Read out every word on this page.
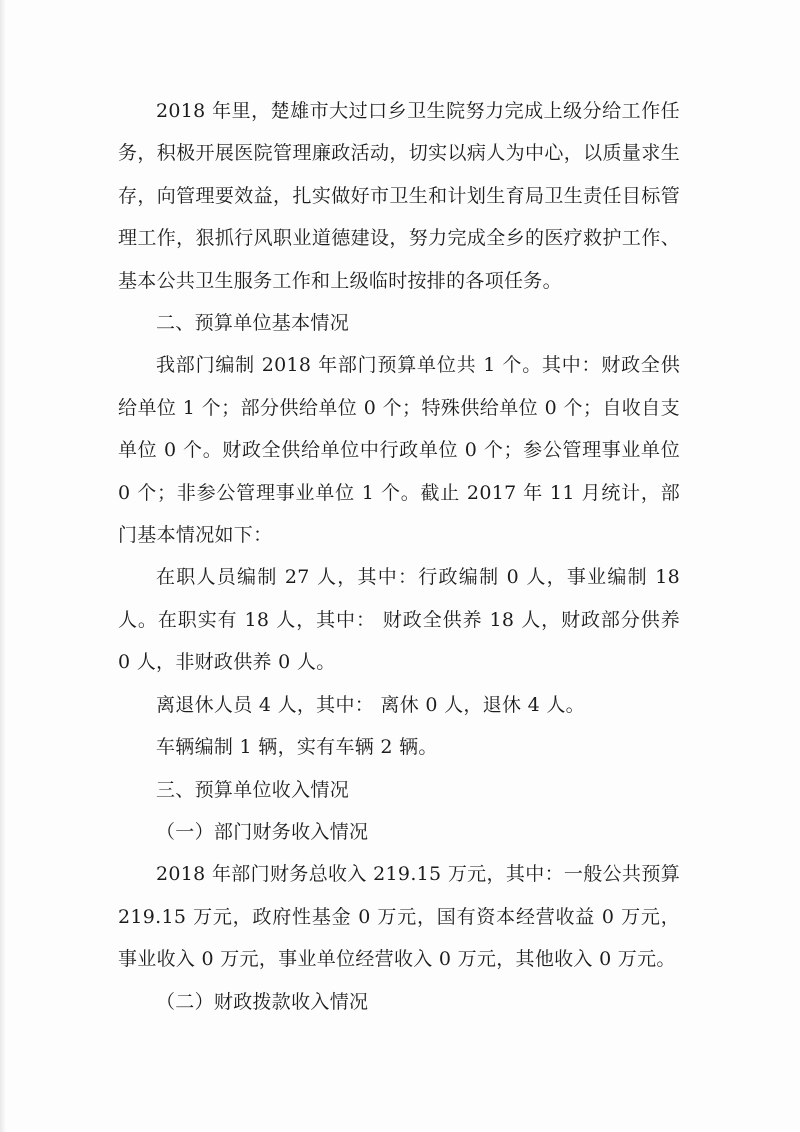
2018 年里，楚雄市大过口乡卫生院努力完成上级分给工作任务，积极开展医院管理廉政活动，切实以病人为中心，以质量求生存，向管理要效益，扎实做好市卫生和计划生育局卫生责任目标管理工作，狠抓行风职业道德建设，努力完成全乡的医疗救护工作、基本公共卫生服务工作和上级临时按排的各项任务。

二、预算单位基本情况

我部门编制 2018 年部门预算单位共 1 个。其中：财政全供给单位 1 个；部分供给单位 0 个；特殊供给单位 0 个；自收自支单位 0 个。财政全供给单位中行政单位 0 个；参公管理事业单位 0 个；非参公管理事业单位 1 个。截止 2017 年 11 月统计，部门基本情况如下：

在职人员编制 27 人，其中：行政编制 0 人，事业编制 18 人。在职实有 18 人，其中： 财政全供养 18 人，财政部分供养 0 人，非财政供养 0 人。

离退休人员 4 人，其中： 离休 0 人，退休 4 人。

车辆编制 1 辆，实有车辆 2 辆。

三、预算单位收入情况

（一）部门财务收入情况

2018 年部门财务总收入 219.15 万元，其中：一般公共预算 219.15 万元，政府性基金 0 万元，国有资本经营收益 0 万元，事业收入 0 万元，事业单位经营收入 0 万元，其他收入 0 万元。

（二）财政拨款收入情况
